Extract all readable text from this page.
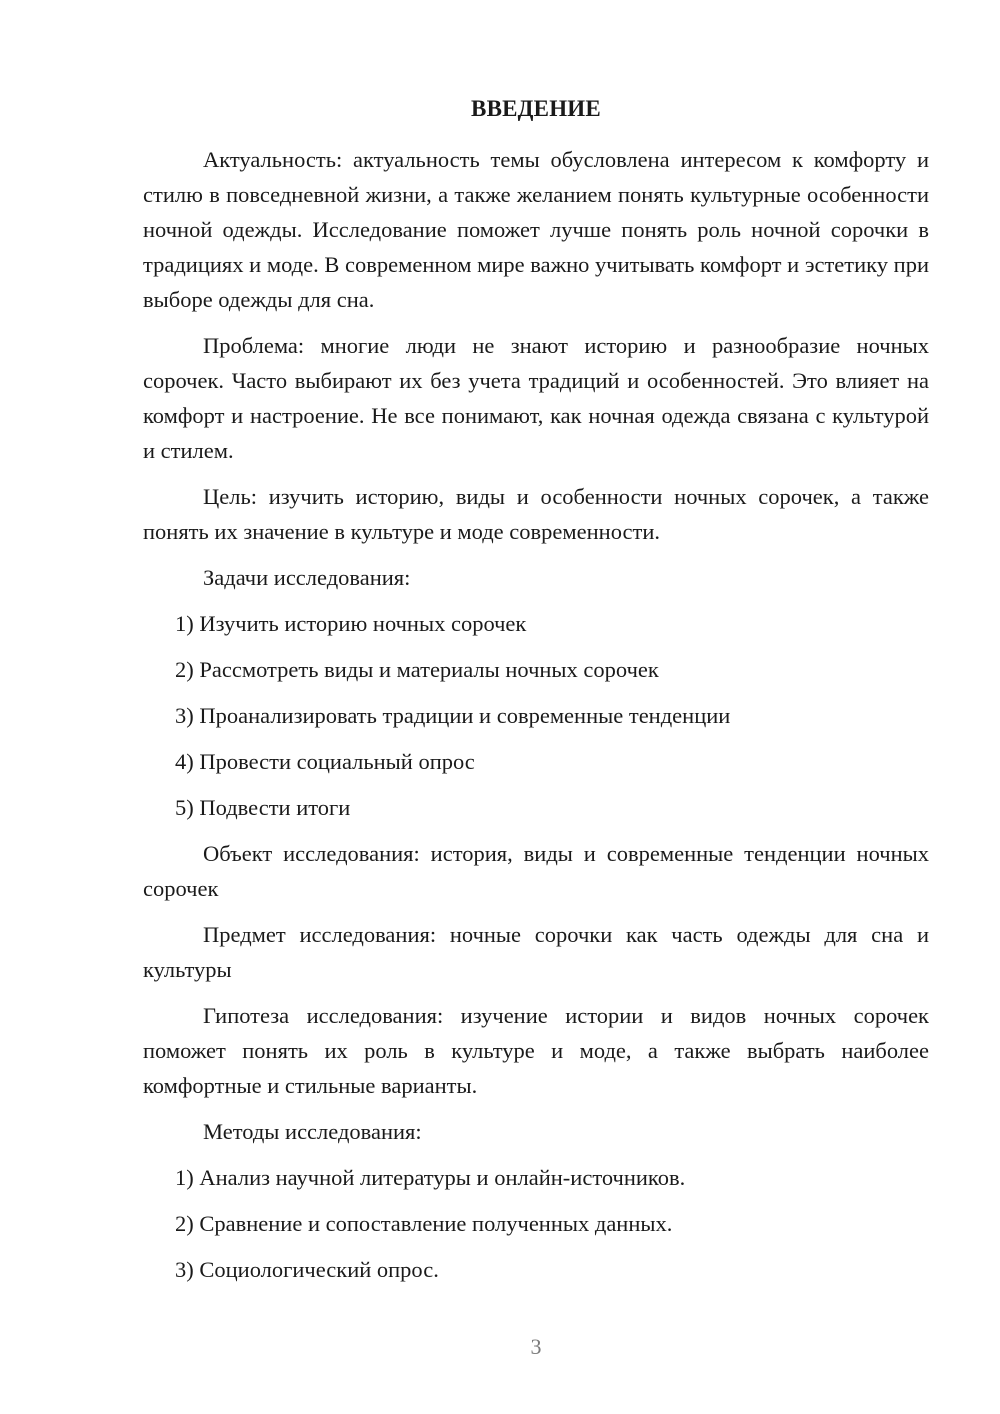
ВВЕДЕНИЕ

Актуальность: актуальность темы обусловлена интересом к комфорту и стилю в повседневной жизни, а также желанием понять культурные особенности ночной одежды. Исследование поможет лучше понять роль ночной сорочки в традициях и моде. В современном мире важно учитывать комфорт и эстетику при выборе одежды для сна.

Проблема: многие люди не знают историю и разнообразие ночных сорочек. Часто выбирают их без учета традиций и особенностей. Это влияет на комфорт и настроение. Не все понимают, как ночная одежда связана с культурой и стилем.

Цель: изучить историю, виды и особенности ночных сорочек, а также понять их значение в культуре и моде современности.

Задачи исследования:

1) Изучить историю ночных сорочек
2) Рассмотреть виды и материалы ночных сорочек
3) Проанализировать традиции и современные тенденции
4) Провести социальный опрос
5) Подвести итоги

Объект исследования: история, виды и современные тенденции ночных сорочек

Предмет исследования: ночные сорочки как часть одежды для сна и культуры

Гипотеза исследования: изучение истории и видов ночных сорочек поможет понять их роль в культуре и моде, а также выбрать наиболее комфортные и стильные варианты.

Методы исследования:

1) Анализ научной литературы и онлайн-источников.
2) Сравнение и сопоставление полученных данных.
3) Социологический опрос.
3
